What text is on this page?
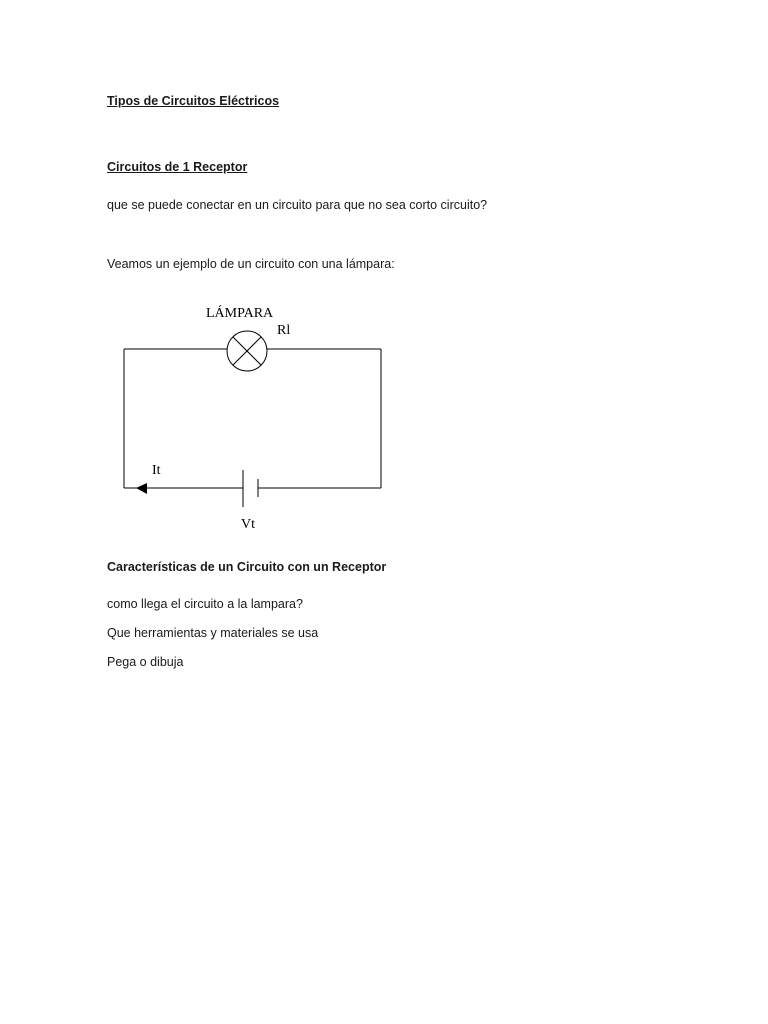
Tipos de Circuitos Eléctricos
Circuitos de 1 Receptor
que se puede conectar en un circuito para que no sea corto circuito?
Veamos un ejemplo de un circuito con una lámpara:
LÁMPARA
Rl
It
Vt
Características de un Circuito con un Receptor
como llega el circuito a la lampara?
Que herramientas y materiales se usa
Pega o dibuja
